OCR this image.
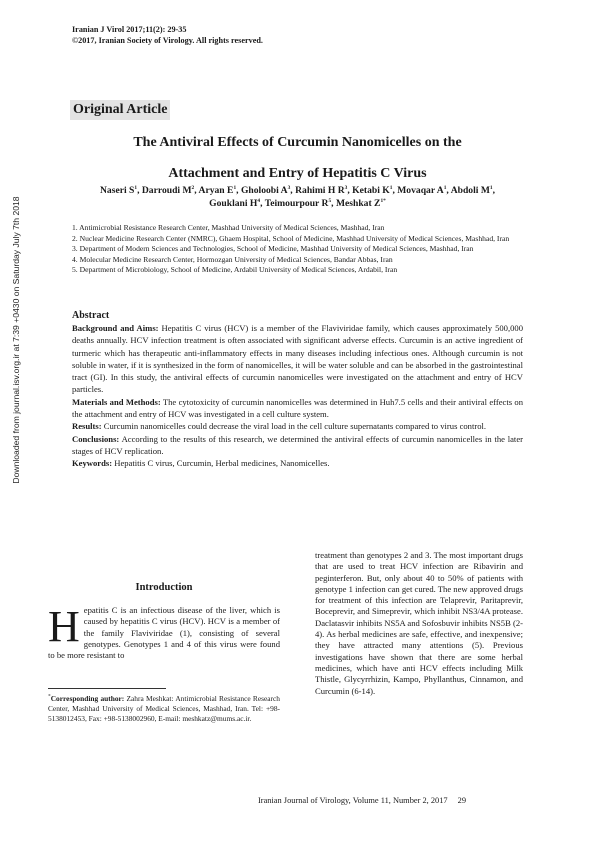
Iranian J Virol 2017;11(2): 29-35
©2017, Iranian Society of Virology. All rights reserved.
Downloaded from journal.isv.org.ir at 7:39 +0430 on Saturday July 7th 2018
Original Article
The Antiviral Effects of Curcumin Nanomicelles on the
Attachment and Entry of Hepatitis C Virus
Naseri $S^1$, Darroudi $M^2$, Aryan $E^1$, Gholoobi $A^3$, Rahimi H $R^3$, Ketabi $K^1$, Movaqar $A^1$, Abdoli $M^1$,
Gouklani $H^4$, Teimourpour $R^5$, Meshkat $Z^{1*}$
1. Antimicrobial Resistance Research Center, Mashhad University of Medical Sciences, Mashhad, Iran
2. Nuclear Medicine Research Center (NMRC), Ghaem Hospital, School of Medicine, Mashhad University of Medical Sciences, Mashhad, Iran
3. Department of Modern Sciences and Technologies, School of Medicine, Mashhad University of Medical Sciences, Mashhad, Iran
4. Molecular Medicine Research Center, Hormozgan University of Medical Sciences, Bandar Abbas, Iran
5. Department of Microbiology, School of Medicine, Ardabil University of Medical Sciences, Ardabil, Iran
Abstract

Background and Aims: Hepatitis C virus (HCV) is a member of the Flaviviridae family, which causes approximately 500,000 deaths annually. HCV infection treatment is often associated with significant adverse effects. Curcumin is an active ingredient of turmeric which has therapeutic anti-inflammatory effects in many diseases including infectious ones. Although curcumin is not soluble in water, if it is synthesized in the form of nanomicelles, it will be water soluble and can be absorbed in the gastrointestinal tract (GI). In this study, the antiviral effects of curcumin nanomicelles were investigated on the attachment and entry of HCV particles.

Materials and Methods: The cytotoxicity of curcumin nanomicelles was determined in Huh7.5 cells and their antiviral effects on the attachment and entry of HCV was investigated in a cell culture system.

Results: Curcumin nanomicelles could decrease the viral load in the cell culture supernatants compared to virus control.

Conclusions: According to the results of this research, we determined the antiviral effects of curcumin nanomicelles in the later stages of HCV replication.

Keywords: Hepatitis C virus, Curcumin, Herbal medicines, Nanomicelles.

Introduction
Hepatitis C is an infectious disease of the liver, which is caused by hepatitis C virus (HCV). HCV is a member of the family Flaviviridae (1), consisting of several genotypes. Genotypes 1 and 4 of this virus were found to be more resistant to
*Corresponding author: Zahra Meshkat: Antimicrobial Resistance Research Center, Mashhad University of Medical Sciences, Mashhad, Iran. Tel: +98-5138012453, Fax: +98-5138002960, E-mail: meshkatz@mums.ac.ir.
treatment than genotypes 2 and 3. The most important drugs that are used to treat HCV infection are Ribavirin and peginterferon. But, only about 40 to 50% of patients with genotype 1 infection can get cured. The new approved drugs for treatment of this infection are Telaprevir, Paritaprevir, Boceprevir, and Simeprevir, which inhibit NS3/4A protease. Daclatasvir inhibits NS5A and Sofosbuvir inhibits NS5B (2-4). As herbal medicines are safe, effective, and inexpensive; they have attracted many attentions (5). Previous investigations have shown that there are some herbal medicines, which have anti HCV effects including Milk Thistle, Glycyrrhizin, Kampo, Phyllanthus, Cinnamon, and Curcumin (6-14).
Iranian Journal of Virology, Volume 11, Number 2, 2017 29
